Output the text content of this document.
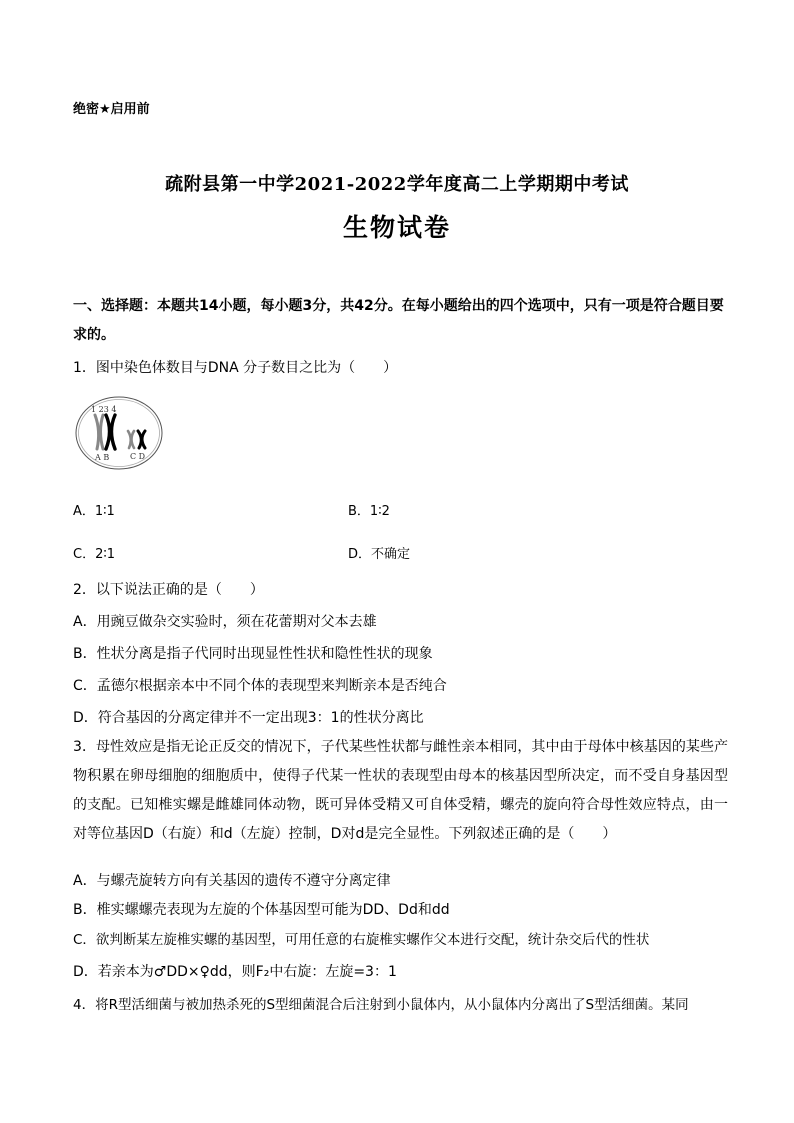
绝密★启用前
疏附县第一中学2021-2022学年度高二上学期期中考试
生物试卷
一、选择题：本题共14小题，每小题3分，共42分。在每小题给出的四个选项中，只有一项是符合题目要求的。
1．图中染色体数目与DNA 分子数目之比为（　　）
1 23 4
A B	C D
A．1∶1	B．1∶2
C．2∶1	D．不确定
2．以下说法正确的是（　　）
A．用豌豆做杂交实验时，须在花蕾期对父本去雄
B．性状分离是指子代同时出现显性性状和隐性性状的现象
C．孟德尔根据亲本中不同个体的表现型来判断亲本是否纯合
D．符合基因的分离定律并不一定出现3：1的性状分离比
3．母性效应是指无论正反交的情况下，子代某些性状都与雌性亲本相同，其中由于母体中核基因的某些产物积累在卵母细胞的细胞质中，使得子代某一性状的表现型由母本的核基因型所决定，而不受自身基因型的支配。已知椎实螺是雌雄同体动物，既可异体受精又可自体受精，螺壳的旋向符合母性效应特点，由一对等位基因D（右旋）和d（左旋）控制，D对d是完全显性。下列叙述正确的是（　　）
A．与螺壳旋转方向有关基因的遗传不遵守分离定律
B．椎实螺螺壳表现为左旋的个体基因型可能为DD、Dd和dd
C．欲判断某左旋椎实螺的基因型，可用任意的右旋椎实螺作父本进行交配，统计杂交后代的性状
D．若亲本为♂DD×♀dd，则F₂中右旋：左旋=3：1
4．将R型活细菌与被加热杀死的S型细菌混合后注射到小鼠体内，从小鼠体内分离出了S型活细菌。某同
